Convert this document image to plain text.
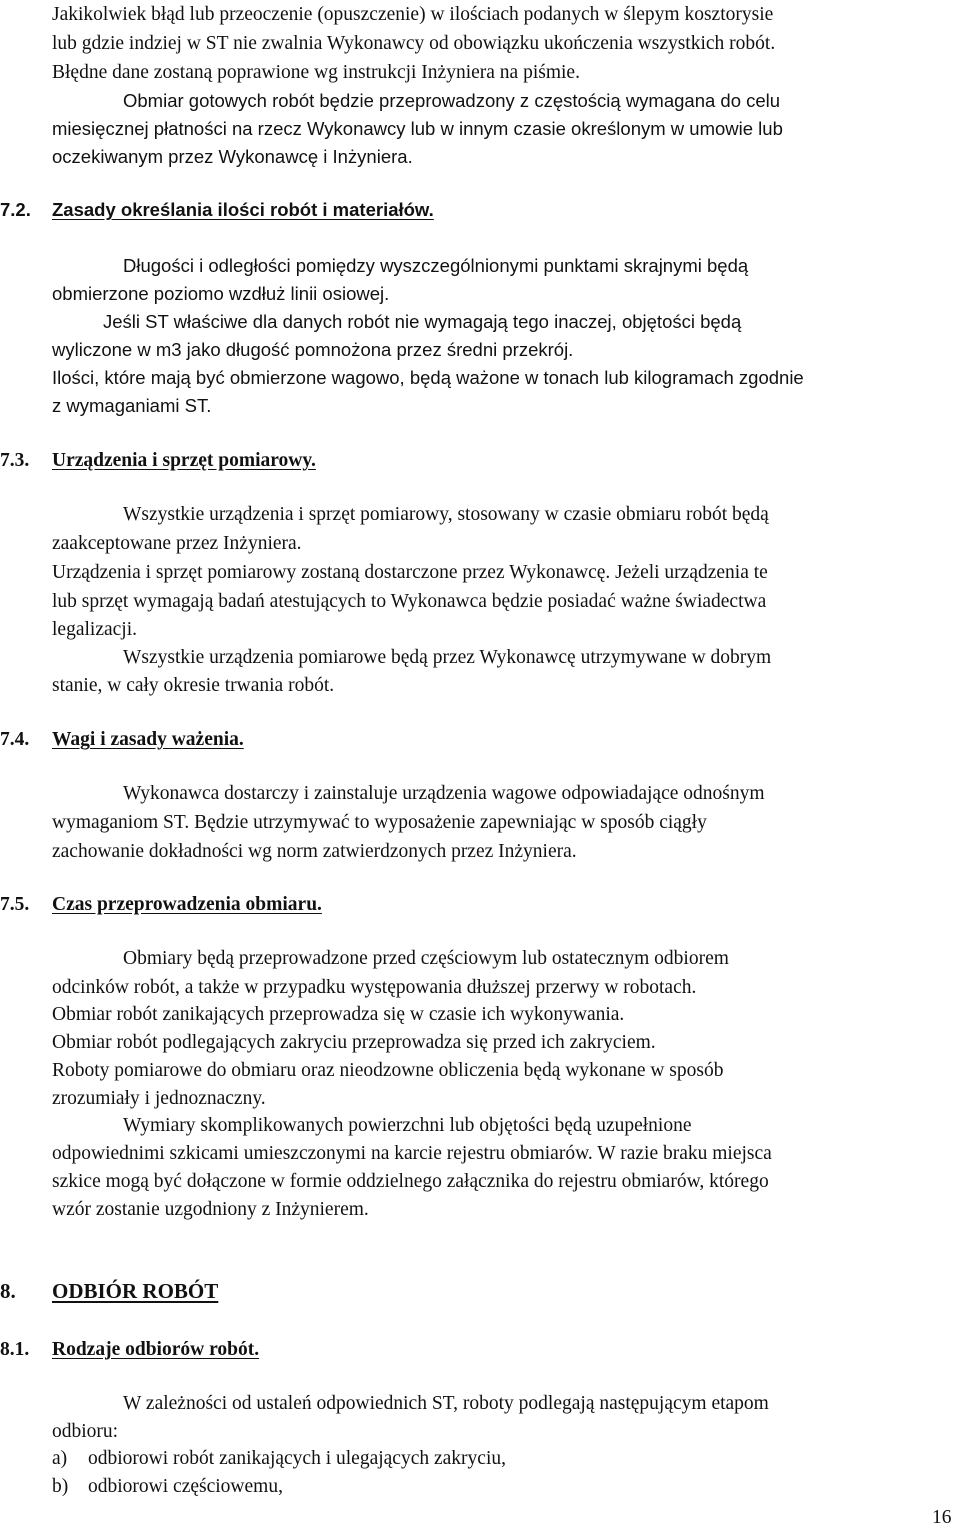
Jakikolwiek błąd lub przeoczenie (opuszczenie) w ilościach podanych w ślepym kosztorysie
lub gdzie indziej w ST nie zwalnia Wykonawcy od obowiązku ukończenia wszystkich robót.
Błędne dane zostaną poprawione wg instrukcji Inżyniera na piśmie.
Obmiar gotowych robót będzie przeprowadzony z częstością wymagana do celu
miesięcznej płatności na rzecz Wykonawcy lub w innym czasie określonym w umowie lub
oczekiwanym przez Wykonawcę i Inżyniera.
7.2. Zasady określania ilości robót i materiałów.
Długości i odległości pomiędzy wyszczególnionymi punktami skrajnymi będą
obmierzone poziomo wzdłuż linii osiowej.
Jeśli ST właściwe dla danych robót nie wymagają tego inaczej, objętości będą
wyliczone w m3 jako długość pomnożona przez średni przekrój.
Ilości, które mają być obmierzone wagowo, będą ważone w tonach lub kilogramach zgodnie
z wymaganiami ST.
7.3. Urządzenia i sprzęt pomiarowy.
Wszystkie urządzenia i sprzęt pomiarowy, stosowany w czasie obmiaru robót będą
zaakceptowane przez Inżyniera.
Urządzenia i sprzęt pomiarowy zostaną dostarczone przez Wykonawcę. Jeżeli urządzenia te
lub sprzęt wymagają badań atestujących to Wykonawca będzie posiadać ważne świadectwa
legalizacji.
Wszystkie urządzenia pomiarowe będą przez Wykonawcę utrzymywane w dobrym
stanie, w cały okresie trwania robót.
7.4. Wagi i zasady ważenia.
Wykonawca dostarczy i zainstaluje urządzenia wagowe odpowiadające odnośnym
wymaganiom ST. Będzie utrzymywać to wyposażenie zapewniając w sposób ciągły
zachowanie dokładności wg norm zatwierdzonych przez Inżyniera.
7.5. Czas przeprowadzenia obmiaru.
Obmiary będą przeprowadzone przed częściowym lub ostatecznym odbiorem
odcinków robót, a także w przypadku występowania dłuższej przerwy w robotach.
Obmiar robót zanikających przeprowadza się w czasie ich wykonywania.
Obmiar robót podlegających zakryciu przeprowadza się przed ich zakryciem.
Roboty pomiarowe do obmiaru oraz nieodzowne obliczenia będą wykonane w sposób
zrozumiały i jednoznaczny.
Wymiary skomplikowanych powierzchni lub objętości będą uzupełnione
odpowiednimi szkicami umieszczonymi na karcie rejestru obmiarów. W razie braku miejsca
szkice mogą być dołączone w formie oddzielnego załącznika do rejestru obmiarów, którego
wzór zostanie uzgodniony z Inżynierem.
8. ODBIÓR ROBÓT
8.1. Rodzaje odbiorów robót.
W zależności od ustaleń odpowiednich ST, roboty podlegają następującym etapom
odbioru:
a) odbiorowi robót zanikających i ulegających zakryciu,
b) odbiorowi częściowemu,
16
